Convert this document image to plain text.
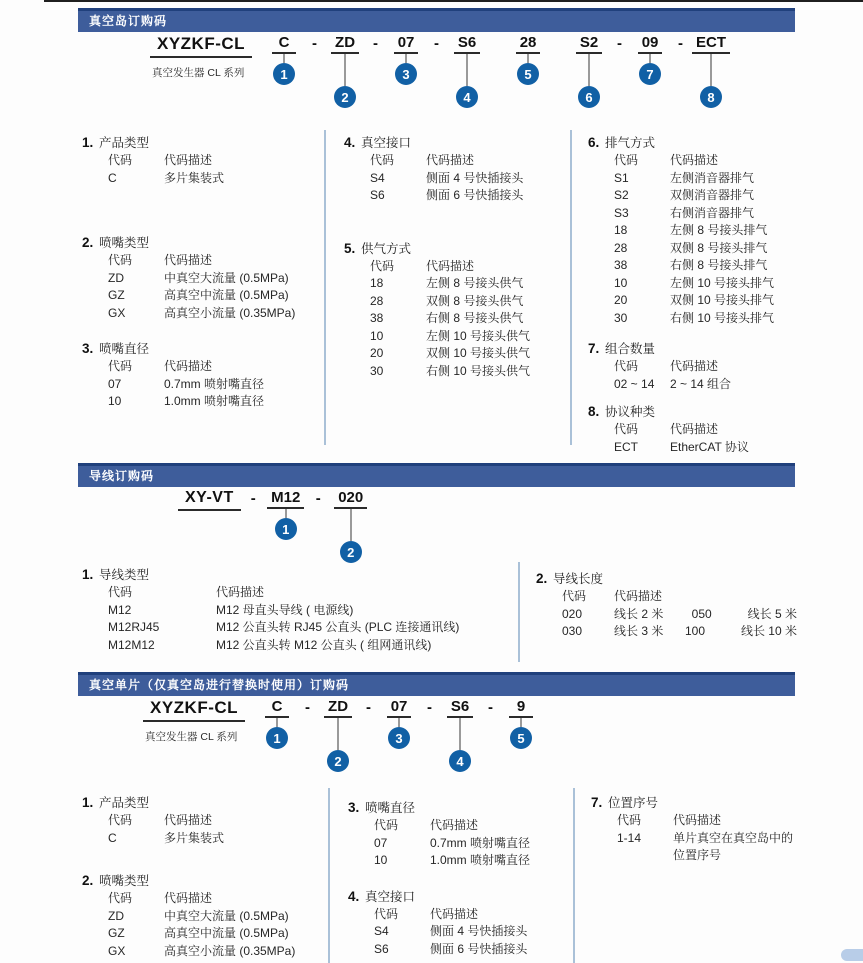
真空岛订购码
XYZKF-CL
真空发生器 CL 系列
C
1
-	ZD
2
-	07
3
-	S6
4
28
5
S2
6
-	09
7
- ECT
8
1. 产品类型
代码	代码描述
C	多片集装式
2. 喷嘴类型
代码	代码描述
ZD	中真空大流量 (0.5MPa)
GZ	高真空中流量 (0.5MPa)
GX	高真空小流量 (0.35MPa)
3. 喷嘴直径
代码	代码描述
07	0.7mm 喷射嘴直径
10	1.0mm 喷射嘴直径
4. 真空接口
代码	代码描述
S4	侧面 4 号快插接头
S6	侧面 6 号快插接头
5. 供气方式
代码	代码描述
18	左侧 8 号接头供气
28	双侧 8 号接头供气
38	右侧 8 号接头供气
10	左侧 10 号接头供气
20	双侧 10 号接头供气
30	右侧 10 号接头供气
6. 排气方式
代码	代码描述
S1	左侧消音器排气
S2	双侧消音器排气
S3	右侧消音器排气
18	左侧 8 号接头排气
28	双侧 8 号接头排气
38	右侧 8 号接头排气
10	左侧 10 号接头排气
20	双侧 10 号接头排气
30	右侧 10 号接头排气
7. 组合数量
代码	代码描述
02 ~ 14	2 ~ 14 组合
8. 协议种类
代码	代码描述
ECT	EtherCAT 协议
导线订购码
XY-VT	-	M12
1
-	020
2
1. 导线类型
代码	代码描述
M12	M12 母直头导线 ( 电源线)
M12RJ45	M12 公直头转 RJ45 公直头 (PLC 连接通讯线)
M12M12	M12 公直头转 M12 公直头 ( 组网通讯线)
2. 导线长度
代码	代码描述
020	线长 2 米	050	线长 5 米
030	线长 3 米	100	线长 10 米
真空单片（仅真空岛进行替换时使用）订购码
XYZKF-CL
真空发生器 CL 系列
C
1
-	ZD
2
-	07
3
-	S6
4
-	9
5
1. 产品类型
代码	代码描述
C	多片集装式
2. 喷嘴类型
代码	代码描述
ZD	中真空大流量 (0.5MPa)
GZ	高真空中流量 (0.5MPa)
GX	高真空小流量 (0.35MPa)
3. 喷嘴直径
代码	代码描述
07	0.7mm 喷射嘴直径
10	1.0mm 喷射嘴直径
4. 真空接口
代码	代码描述
S4	侧面 4 号快插接头
S6	侧面 6 号快插接头
7. 位置序号
代码	代码描述
1-14	单片真空在真空岛中的位置序号
